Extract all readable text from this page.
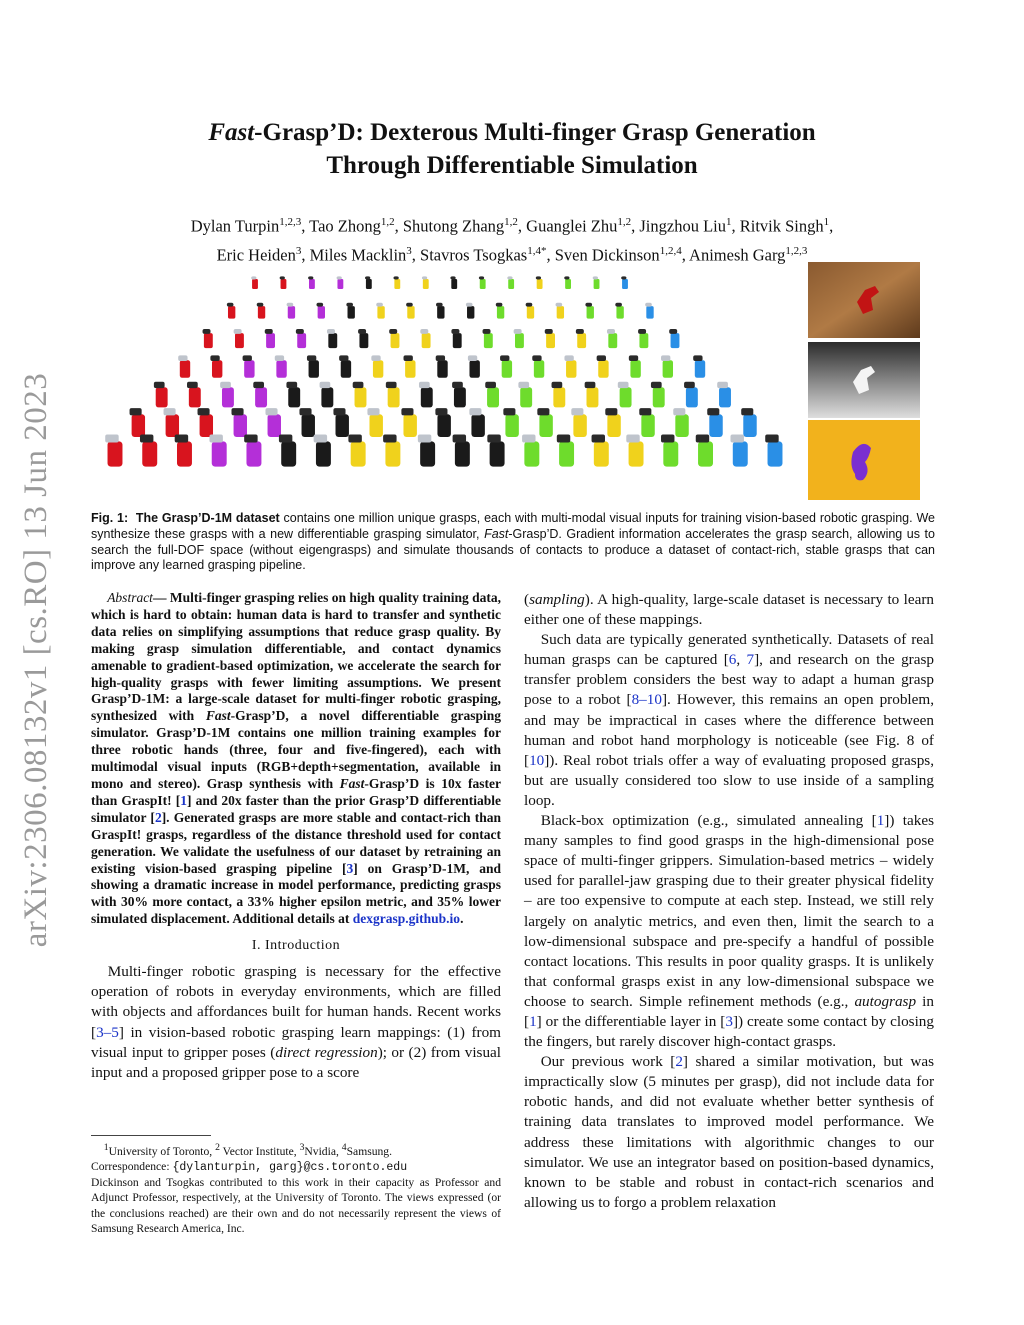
arXiv:2306.08132v1 [cs.RO] 13 Jun 2023
Fast-Grasp’D: Dexterous Multi-finger Grasp Generation
Through Differentiable Simulation
Dylan Turpin$^{1,2,3}$, Tao Zhong$^{1,2}$, Shutong Zhang$^{1,2}$, Guanglei Zhu$^{1,2}$, Jingzhou Liu$^1$, Ritvik Singh$^1$,
Eric Heiden$^3$, Miles Macklin$^3$, Stavros Tsogkas$^{1,4*}$, Sven Dickinson$^{1,2,4}$, Animesh Garg$^{1,2,3}$
Fig. 1: The Grasp’D-1M dataset contains one million unique grasps, each with multi-modal visual inputs for training vision-based robotic grasping. We synthesize these grasps with a new differentiable grasping simulator, Fast-Grasp’D. Gradient information accelerates the grasp search, allowing us to search the full-DOF space (without eigengrasps) and simulate thousands of contacts to produce a dataset of contact-rich, stable grasps that can improve any learned grasping pipeline.

Abstract— Multi-finger grasping relies on high quality training data, which is hard to obtain: human data is hard to transfer and synthetic data relies on simplifying assumptions that reduce grasp quality. By making grasp simulation differentiable, and contact dynamics amenable to gradient-based optimization, we accelerate the search for high-quality grasps with fewer limiting assumptions. We present Grasp’D-1M: a large-scale dataset for multi-finger robotic grasping, synthesized with Fast-Grasp’D, a novel differentiable grasping simulator. Grasp’D-1M contains one million training examples for three robotic hands (three, four and five-fingered), each with multimodal visual inputs (RGB+depth+segmentation, available in mono and stereo). Grasp synthesis with Fast-Grasp’D is 10x faster than GraspIt! [1] and 20x faster than the prior Grasp’D differentiable simulator [2]. Generated grasps are more stable and contact-rich than GraspIt! grasps, regardless of the distance threshold used for contact generation. We validate the usefulness of our dataset by retraining an existing vision-based grasping pipeline [3] on Grasp’D-1M, and showing a dramatic increase in model performance, predicting grasps with 30% more contact, a 33% higher epsilon metric, and 35% lower simulated displacement. Additional details at dexgrasp.github.io.

I. Introduction

Multi-finger robotic grasping is necessary for the effective operation of robots in everyday environments, which are filled with objects and affordances built for human hands. Recent works [3–5] in vision-based robotic grasping learn mappings: (1) from visual input to gripper poses (direct regression); or (2) from visual input and a proposed gripper pose to a score

$^1$University of Toronto, $^2$ Vector Institute, $^3$Nvidia, $^4$Samsung.
Correspondence: {dylanturpin, garg}@cs.toronto.edu
Dickinson and Tsogkas contributed to this work in their capacity as Professor and Adjunct Professor, respectively, at the University of Toronto. The views expressed (or the conclusions reached) are their own and do not necessarily represent the views of Samsung Research America, Inc.

(sampling). A high-quality, large-scale dataset is necessary to learn either one of these mappings.

Such data are typically generated synthetically. Datasets of real human grasps can be captured [6, 7], and research on the grasp transfer problem considers the best way to adapt a human grasp pose to a robot [8–10]. However, this remains an open problem, and may be impractical in cases where the difference between human and robot hand morphology is noticeable (see Fig. 8 of [10]). Real robot trials offer a way of evaluating proposed grasps, but are usually considered too slow to use inside of a sampling loop.

Black-box optimization (e.g., simulated annealing [1]) takes many samples to find good grasps in the high-dimensional pose space of multi-finger grippers. Simulation-based metrics – widely used for parallel-jaw grasping due to their greater physical fidelity – are too expensive to compute at each step. Instead, we still rely largely on analytic metrics, and even then, limit the search to a low-dimensional subspace and pre-specify a handful of possible contact locations. This results in poor quality grasps. It is unlikely that conformal grasps exist in any low-dimensional subspace we choose to search. Simple refinement methods (e.g., autograsp in [1] or the differentiable layer in [3]) create some contact by closing the fingers, but rarely discover high-contact grasps.

Our previous work [2] shared a similar motivation, but was impractically slow (5 minutes per grasp), did not include data for robotic hands, and did not evaluate whether better synthesis of training data translates to improved model performance. We address these limitations with algorithmic changes to our simulator. We use an integrator based on position-based dynamics, known to be stable and robust in contact-rich scenarios and allowing us to forgo a problem relaxation
